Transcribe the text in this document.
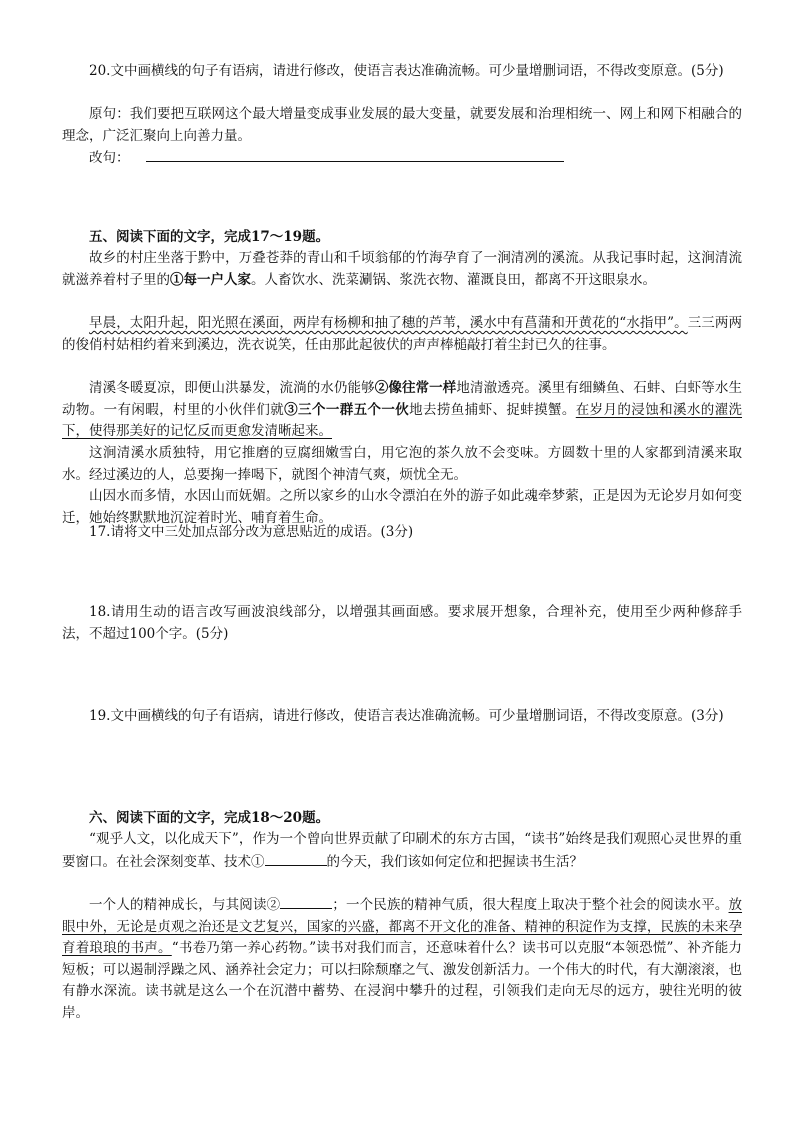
20.文中画横线的句子有语病，请进行修改，使语言表达准确流畅。可少量增删词语，不得改变原意。(5分)

原句：我们要把互联网这个最大增量变成事业发展的最大变量，就要发展和治理相统一、网上和网下相融合的理念，广泛汇聚向上向善力量。

改句：

五、阅读下面的文字，完成17～19题。

故乡的村庄坐落于黔中，万叠苍莽的青山和千顷翁郁的竹海孕育了一涧清冽的溪流。从我记事时起，这涧清流就滋养着村子里的①每一户人家。人畜饮水、洗菜涮锅、浆洗衣物、灌溉良田，都离不开这眼泉水。

早晨，太阳升起，阳光照在溪面，两岸有杨柳和抽了穗的芦苇，溪水中有菖蒲和开黄花的“水指甲”。三三两两的俊俏村姑相约着来到溪边，洗衣说笑，任由那此起彼伏的声声棒槌敲打着尘封已久的往事。

清溪冬暖夏凉，即便山洪暴发，流淌的水仍能够②像往常一样地清澈透亮。溪里有细鳞鱼、石蚌、白虾等水生动物。一有闲暇，村里的小伙伴们就③三个一群五个一伙地去捞鱼捕虾、捉蚌摸蟹。在岁月的浸蚀和溪水的濯洗下，使得那美好的记忆反而更愈发清晰起来。

这涧清溪水质独特，用它推磨的豆腐细嫩雪白，用它泡的茶久放不会变味。方圆数十里的人家都到清溪来取水。经过溪边的人，总要掬一捧喝下，就图个神清气爽，烦忧全无。

山因水而多情，水因山而妩媚。之所以家乡的山水令漂泊在外的游子如此魂牵梦萦，正是因为无论岁月如何变迁，她始终默默地沉淀着时光、哺育着生命。

17.请将文中三处加点部分改为意思贴近的成语。(3分)

18.请用生动的语言改写画波浪线部分，以增强其画面感。要求展开想象，合理补充，使用至少两种修辞手法，不超过100个字。(5分)

19.文中画横线的句子有语病，请进行修改，使语言表达准确流畅。可少量增删词语，不得改变原意。(3分)

六、阅读下面的文字，完成18～20题。

“观乎人文，以化成天下”，作为一个曾向世界贡献了印刷术的东方古国，“读书”始终是我们观照心灵世界的重要窗口。在社会深刻变革、技术①	的今天，我们该如何定位和把握读书生活？

一个人的精神成长，与其阅读②	；一个民族的精神气质，很大程度上取决于整个社会的阅读水平。放眼中外，无论是贞观之治还是文艺复兴，国家的兴盛，都离不开文化的准备、精神的积淀作为支撑，民族的未来孕育着琅琅的书声。“书卷乃第一养心药物。”读书对我们而言，还意味着什么？读书可以克服“本领恐慌”、补齐能力短板；可以遏制浮躁之风、涵养社会定力；可以扫除颓靡之气、激发创新活力。一个伟大的时代，有大潮滚滚，也有静水深流。读书就是这么一个在沉潜中蓄势、在浸润中攀升的过程，引领我们走向无尽的远方，驶往光明的彼岸。
